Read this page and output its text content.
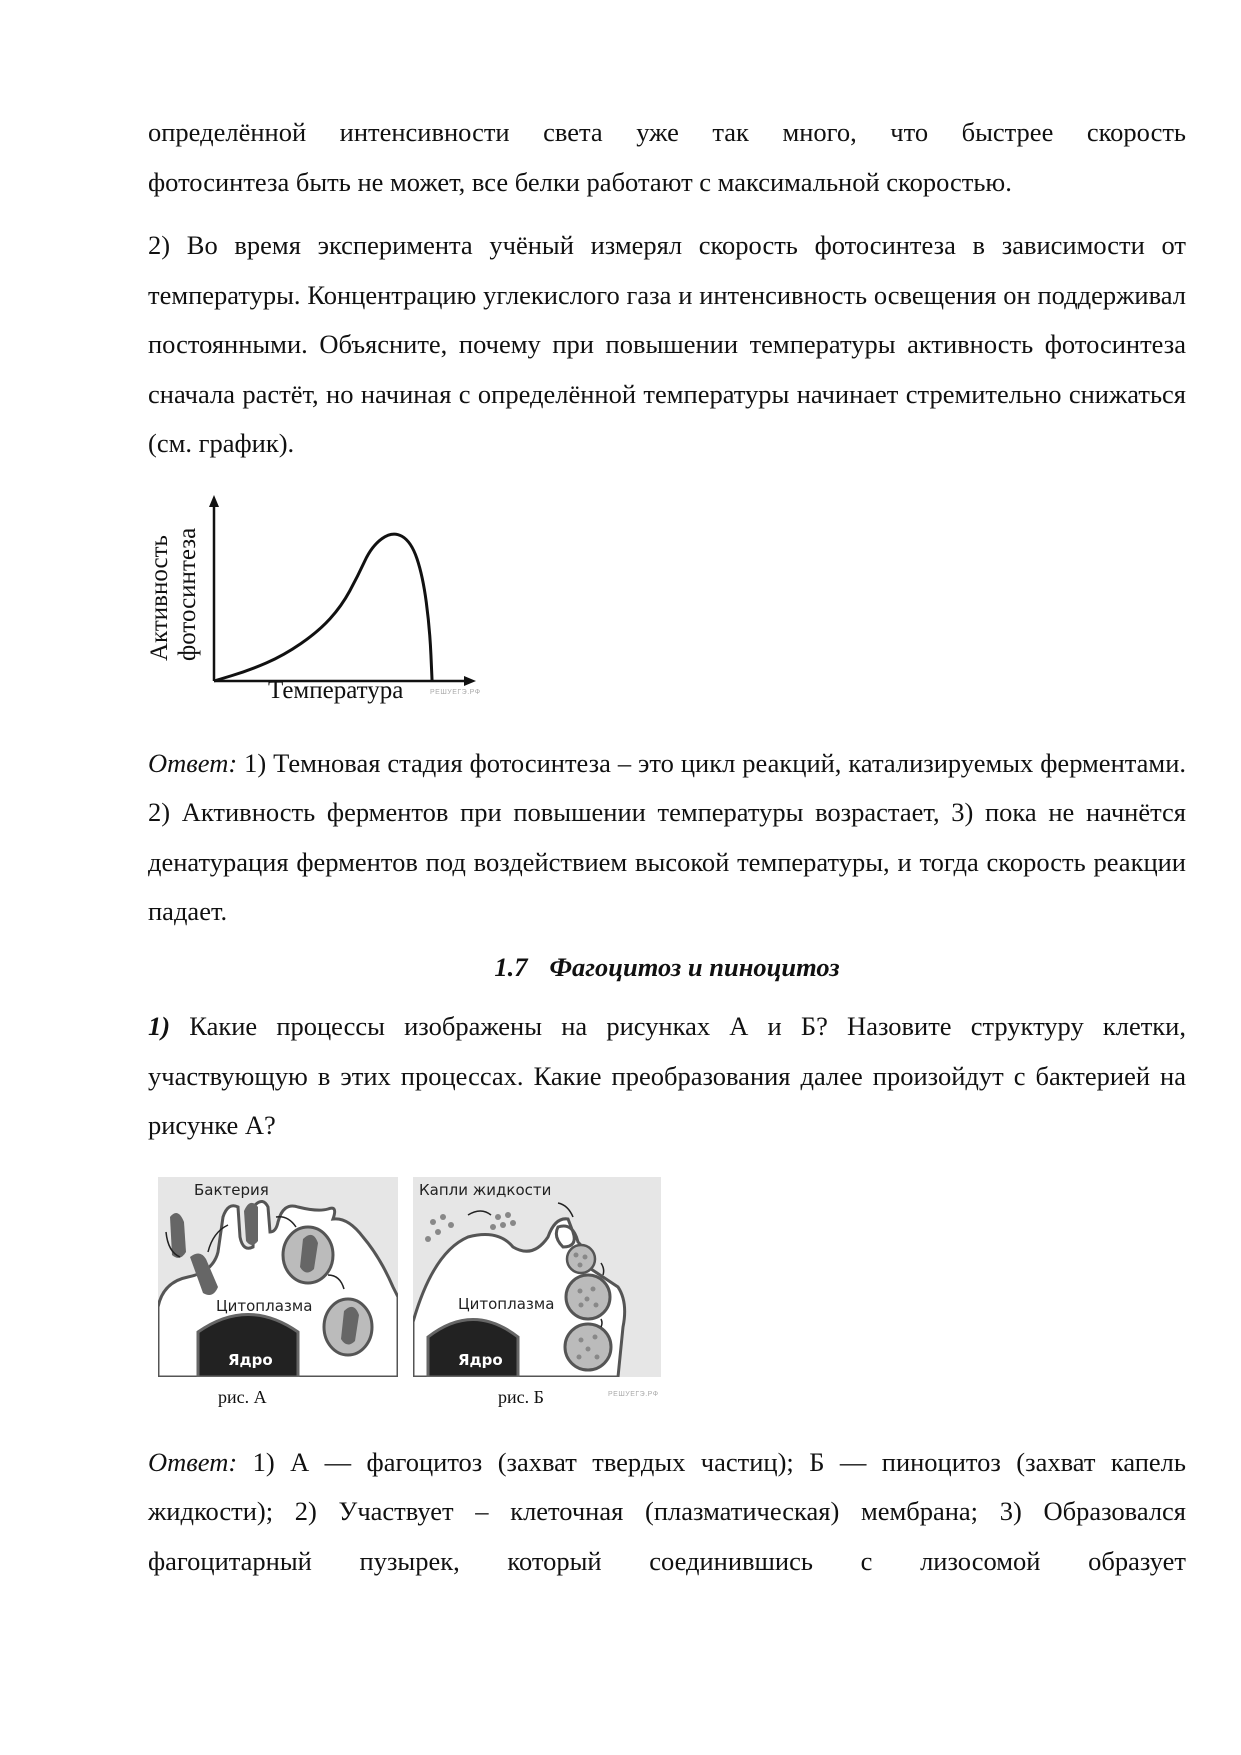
определённой интенсивности света уже так много, что быстрее скорость

фотосинтеза быть не может, все белки работают с максимальной скоростью.

2) Во время эксперимента учёный измерял скорость фотосинтеза в зависимости от температуры. Концентрацию углекислого газа и интенсивность освещения он поддерживал постоянными. Объясните, почему при повышении температуры активность фотосинтеза сначала растёт, но начиная с определённой температуры начинает стремительно снижаться (см. график).

Активность фотосинтеза
Температура	РЕШУЕГЭ.РФ

Ответ: 1) Темновая стадия фотосинтеза – это цикл реакций, катализируемых ферментами. 2) Активность ферментов при повышении температуры возрастает, 3) пока не начнётся денатурация ферментов под воздействием высокой температуры, и тогда скорость реакции падает.

1.7 Фагоцитоз и пиноцитоз

1) Какие процессы изображены на рисунках А и Б? Назовите структуру клетки, участвующую в этих процессах. Какие преобразования далее произойдут с бактерией на рисунке А?

Бактерия
Цитоплазма
Ядро
Капли жидкости
Цитоплазма
Ядро
рис. А	рис. Б	РЕШУЕГЭ.РФ

Ответ: 1) А — фагоцитоз (захват твердых частиц); Б — пиноцитоз (захват капель

жидкости); 2) Участвует – клеточная (плазматическая) мембрана; 3) Образовался

фагоцитарный пузырек, который соединившись с лизосомой образует
